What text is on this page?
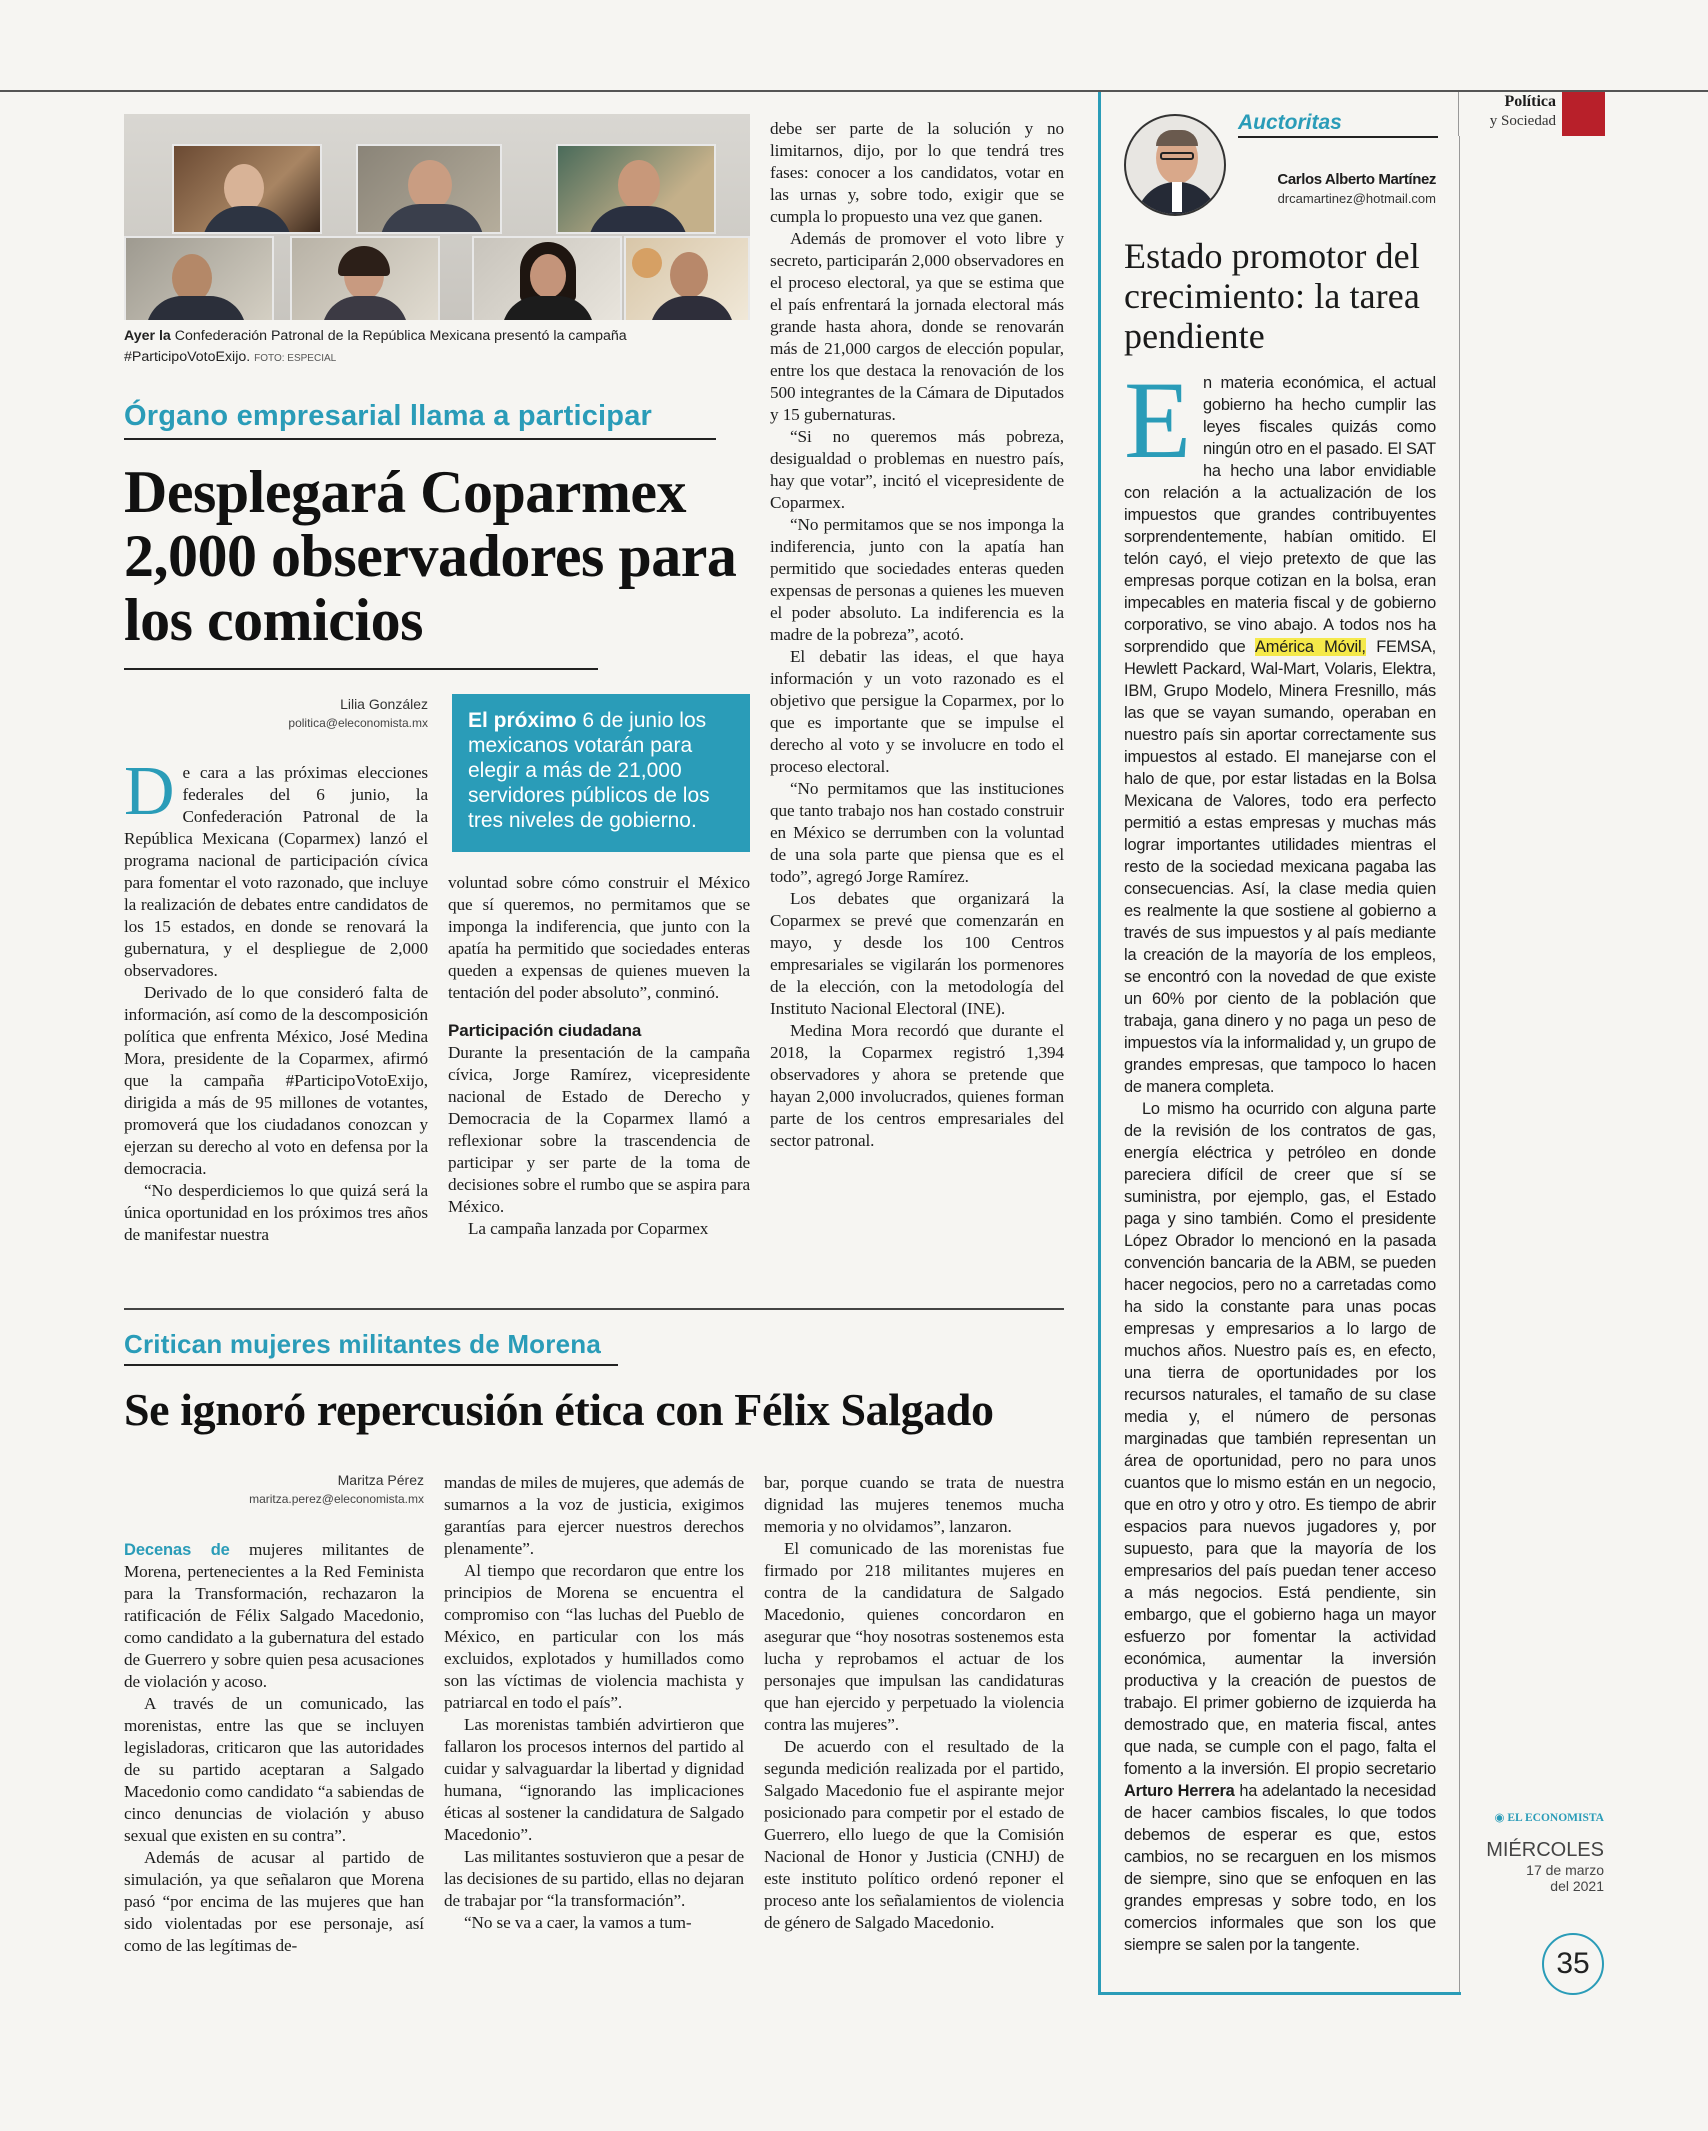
Política
y Sociedad
Ayer la Confederación Patronal de la República Mexicana presentó la campaña #ParticipoVotoExijo. FOTO: ESPECIAL
Órgano empresarial llama a participar
Desplegará Coparmex 2,000 observadores para los comicios
Lilia González
politica@eleconomista.mx	El próximo 6 de junio los mexicanos votarán para elegir a más de 21,000 servidores públicos de los tres niveles de gobierno.

De cara a las próximas elecciones federales del 6 junio, la Confederación Patronal de la República Mexicana (Coparmex) lanzó el programa nacional de participación cívica para fomentar el voto razonado, que incluye la realización de debates entre candidatos de los 15 estados, en donde se renovará la gubernatura, y el despliegue de 2,000 observadores.

Derivado de lo que consideró falta de información, así como de la descomposición política que enfrenta México, José Medina Mora, presidente de la Coparmex, afirmó que la campaña #ParticipoVotoExijo, dirigida a más de 95 millones de votantes, promoverá que los ciudadanos conozcan y ejerzan su derecho al voto en defensa por la democracia.

“No desperdiciemos lo que quizá será la única oportunidad en los próximos tres años de manifestar nuestra

voluntad sobre cómo construir el México que sí queremos, no permitamos que se imponga la indiferencia, que junto con la apatía ha permitido que sociedades enteras queden a expensas de quienes mueven la tentación del poder absoluto”, conminó.

Participación ciudadana

Durante la presentación de la campaña cívica, Jorge Ramírez, vicepresidente nacional de Estado de Derecho y Democracia de la Coparmex llamó a reflexionar sobre la trascendencia de participar y ser parte de la toma de decisiones sobre el rumbo que se aspira para México.

La campaña lanzada por Coparmex

debe ser parte de la solución y no limitarnos, dijo, por lo que tendrá tres fases: conocer a los candidatos, votar en las urnas y, sobre todo, exigir que se cumpla lo propuesto una vez que ganen.

Además de promover el voto libre y secreto, participarán 2,000 observadores en el proceso electoral, ya que se estima que el país enfrentará la jornada electoral más grande hasta ahora, donde se renovarán más de 21,000 cargos de elección popular, entre los que destaca la renovación de los 500 integrantes de la Cámara de Diputados y 15 gubernaturas.

“Si no queremos más pobreza, desigualdad o problemas en nuestro país, hay que votar”, incitó el vicepresidente de Coparmex.

“No permitamos que se nos imponga la indiferencia, junto con la apatía han permitido que sociedades enteras queden expensas de personas a quienes les mueven el poder absoluto. La indiferencia es la madre de la pobreza”, acotó.

El debatir las ideas, el que haya información y un voto razonado es el objetivo que persigue la Coparmex, por lo que es importante que se impulse el derecho al voto y se involucre en todo el proceso electoral.

“No permitamos que las instituciones que tanto trabajo nos han costado construir en México se derrumben con la voluntad de una sola parte que piensa que es el todo”, agregó Jorge Ramírez.

Los debates que organizará la Coparmex se prevé que comenzarán en mayo, y desde los 100 Centros empresariales se vigilarán los pormenores de la elección, con la metodología del Instituto Nacional Electoral (INE).

Medina Mora recordó que durante el 2018, la Coparmex registró 1,394 observadores y ahora se pretende que hayan 2,000 involucrados, quienes forman parte de los centros empresariales del sector patronal.

Critican mujeres militantes de Morena
Se ignoró repercusión ética con Félix Salgado
Maritza Pérez
maritza.perez@eleconomista.mx

Decenas de mujeres militantes de Morena, pertenecientes a la Red Feminista para la Transformación, rechazaron la ratificación de Félix Salgado Macedonio, como candidato a la gubernatura del estado de Guerrero y sobre quien pesa acusaciones de violación y acoso.

A través de un comunicado, las morenistas, entre las que se incluyen legisladoras, criticaron que las autoridades de su partido aceptaran a Salgado Macedonio como candidato “a sabiendas de cinco denuncias de violación y abuso sexual que existen en su contra”.

Además de acusar al partido de simulación, ya que señalaron que Morena pasó “por encima de las mujeres que han sido violentadas por ese personaje, así como de las legítimas de-

mandas de miles de mujeres, que además de sumarnos a la voz de justicia, exigimos garantías para ejercer nuestros derechos plenamente”.

Al tiempo que recordaron que entre los principios de Morena se encuentra el compromiso con “las luchas del Pueblo de México, en particular con los más excluidos, explotados y humillados como son las víctimas de violencia machista y patriarcal en todo el país”.

Las morenistas también advirtieron que fallaron los procesos internos del partido al cuidar y salvaguardar la libertad y dignidad humana, “ignorando las implicaciones éticas al sostener la candidatura de Salgado Macedonio”.

Las militantes sostuvieron que a pesar de las decisiones de su partido, ellas no dejaran de trabajar por “la transformación”.

“No se va a caer, la vamos a tum-

bar, porque cuando se trata de nuestra dignidad las mujeres tenemos mucha memoria y no olvidamos”, lanzaron.

El comunicado de las morenistas fue firmado por 218 militantes mujeres en contra de la candidatura de Salgado Macedonio, quienes concordaron en asegurar que “hoy nosotras sostenemos esta lucha y reprobamos el actuar de los personajes que impulsan las candidaturas que han ejercido y perpetuado la violencia contra las mujeres”.

De acuerdo con el resultado de la segunda medición realizada por el partido, Salgado Macedonio fue el aspirante mejor posicionado para competir por el estado de Guerrero, ello luego de que la Comisión Nacional de Honor y Justicia (CNHJ) de este instituto político ordenó reponer el proceso ante los señalamientos de violencia de género de Salgado Macedonio.

Auctoritas
Carlos Alberto Martínez
drcamartinez@hotmail.com
Estado promotor del crecimiento: la tarea pendiente

En materia económica, el actual gobierno ha hecho cumplir las leyes fiscales quizás como ningún otro en el pasado. El SAT ha hecho una labor envidiable con relación a la actualización de los impuestos que grandes contribuyentes sorprendentemente, habían omitido. El telón cayó, el viejo pretexto de que las empresas porque cotizan en la bolsa, eran impecables en materia fiscal y de gobierno corporativo, se vino abajo. A todos nos ha sorprendido que América Móvil, FEMSA, Hewlett Packard, Wal-Mart, Volaris, Elektra, IBM, Grupo Modelo, Minera Fresnillo, más las que se vayan sumando, operaban en nuestro país sin aportar correctamente sus impuestos al estado. El manejarse con el halo de que, por estar listadas en la Bolsa Mexicana de Valores, todo era perfecto permitió a estas empresas y muchas más lograr importantes utilidades mientras el resto de la sociedad mexicana pagaba las consecuencias. Así, la clase media quien es realmente la que sostiene al gobierno a través de sus impuestos y al país mediante la creación de la mayoría de los empleos, se encontró con la novedad de que existe un 60% por ciento de la población que trabaja, gana dinero y no paga un peso de impuestos vía la informalidad y, un grupo de grandes empresas, que tampoco lo hacen de manera completa.

Lo mismo ha ocurrido con alguna parte de la revisión de los contratos de gas, energía eléctrica y petróleo en donde pareciera difícil de creer que sí se suministra, por ejemplo, gas, el Estado paga y sino también. Como el presidente López Obrador lo mencionó en la pasada convención bancaria de la ABM, se pueden hacer negocios, pero no a carretadas como ha sido la constante para unas pocas empresas y empresarios a lo largo de muchos años. Nuestro país es, en efecto, una tierra de oportunidades por los recursos naturales, el tamaño de su clase media y, el número de personas marginadas que también representan un área de oportunidad, pero no para unos cuantos que lo mismo están en un negocio, que en otro y otro y otro. Es tiempo de abrir espacios para nuevos jugadores y, por supuesto, para que la mayoría de los empresarios del país puedan tener acceso a más negocios. Está pendiente, sin embargo, que el gobierno haga un mayor esfuerzo por fomentar la actividad económica, aumentar la inversión productiva y la creación de puestos de trabajo. El primer gobierno de izquierda ha demostrado que, en materia fiscal, antes que nada, se cumple con el pago, falta el fomento a la inversión. El propio secretario Arturo Herrera ha adelantado la necesidad de hacer cambios fiscales, lo que todos debemos de esperar es que, estos cambios, no se recarguen en los mismos de siempre, sino que se enfoquen en las grandes empresas y sobre todo, en los comercios informales que son los que siempre se salen por la tangente.

◉ EL ECONOMISTA
MIÉRCOLES
17 de marzo
del 2021
35
